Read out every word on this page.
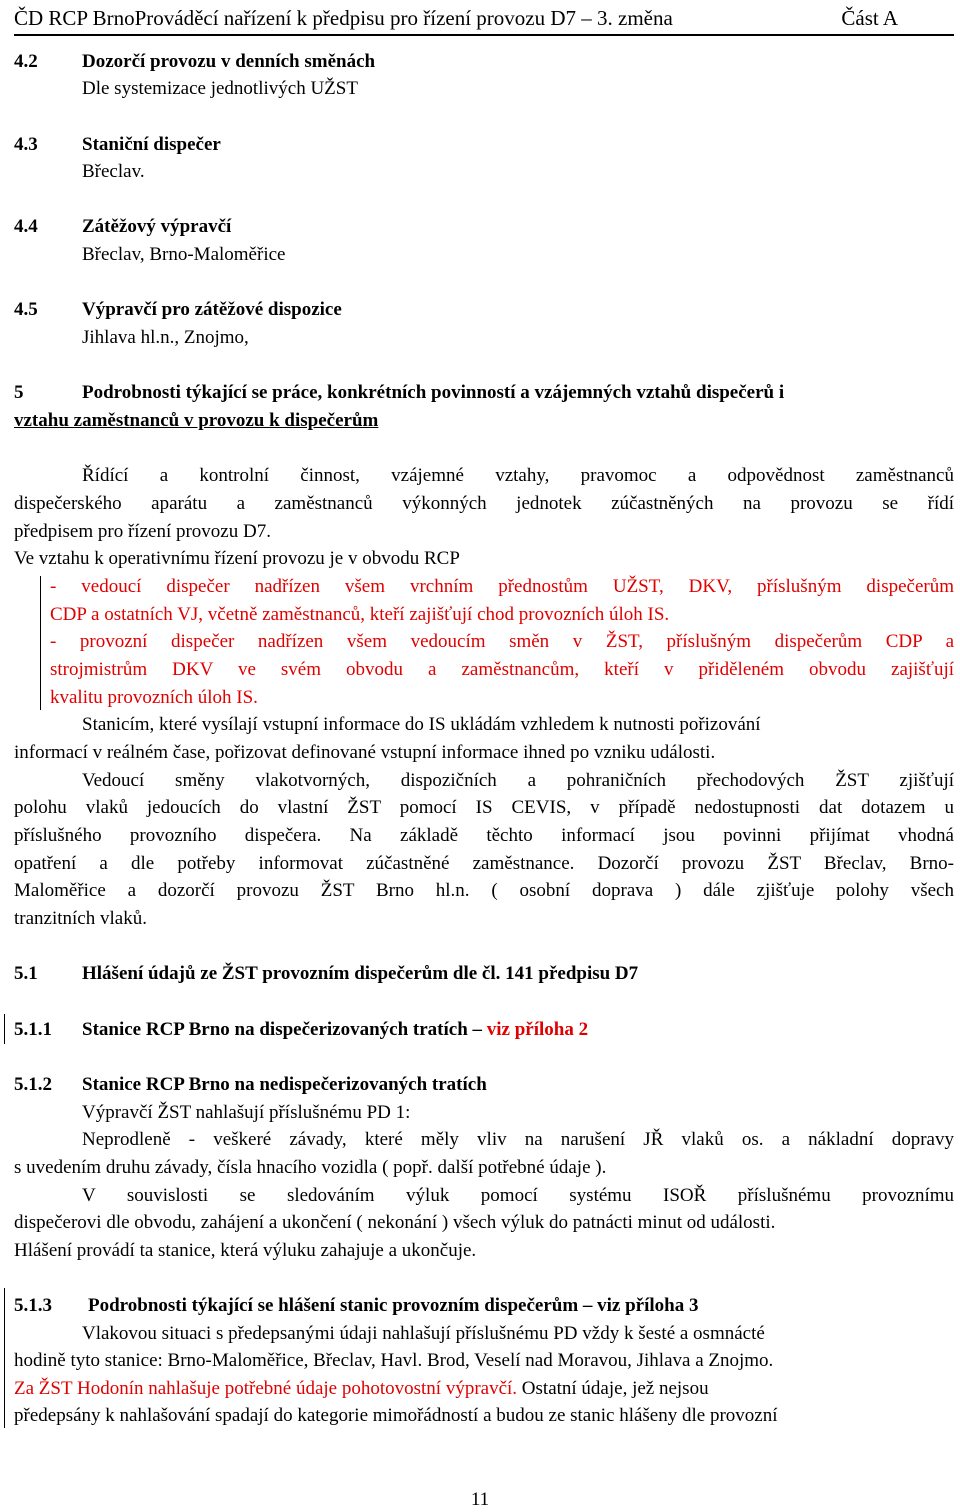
ČD RCP BrnoProváděcí nařízení k předpisu pro řízení provozu D7 – 3. změna	Část A
4.2 Dozorčí provozu v denních směnách
Dle systemizace jednotlivých UŽST
4.3 Staniční dispečer
Břeclav.
4.4 Zátěžový výpravčí
Břeclav, Brno-Maloměřice
4.5 Výpravčí pro zátěžové dispozice
Jihlava hl.n., Znojmo,
5	Podrobnosti týkající se práce, konkrétních povinností a vzájemných vztahů dispečerů i
vztahu zaměstnanců v provozu k dispečerům
Řídící a kontrolní činnost, vzájemné vztahy, pravomoc a odpovědnost zaměstnanců
dispečerského aparátu a zaměstnanců výkonných jednotek zúčastněných na provozu se řídí
předpisem pro řízení provozu D7.
Ve vztahu k operativnímu řízení provozu je v obvodu RCP
- vedoucí dispečer nadřízen všem vrchním přednostům UŽST, DKV, příslušným dispečerům
CDP a ostatních VJ, včetně zaměstnanců, kteří zajišťují chod provozních úloh IS.
- provozní dispečer nadřízen všem vedoucím směn v ŽST, příslušným dispečerům CDP a
strojmistrům DKV ve svém obvodu a zaměstnancům, kteří v přiděleném obvodu zajišťují
kvalitu provozních úloh IS.
Stanicím, které vysílají vstupní informace do IS ukládám vzhledem k nutnosti pořizování
informací v reálném čase, pořizovat definované vstupní informace ihned po vzniku události.
Vedoucí směny vlakotvorných, dispozičních a pohraničních přechodových ŽST zjišťují
polohu vlaků jedoucích do vlastní ŽST pomocí IS CEVIS, v případě nedostupnosti dat dotazem u
příslušného provozního dispečera. Na základě těchto informací jsou povinni přijímat vhodná
opatření a dle potřeby informovat zúčastněné zaměstnance. Dozorčí provozu ŽST Břeclav, Brno-
Maloměřice a dozorčí provozu ŽST Brno hl.n. ( osobní doprava ) dále zjišťuje polohy všech
tranzitních vlaků.
5.1 Hlášení údajů ze ŽST provozním dispečerům dle čl. 141 předpisu D7
5.1.1 Stanice RCP Brno na dispečerizovaných tratích – viz příloha 2
5.1.2 Stanice RCP Brno na nedispečerizovaných tratích
Výpravčí ŽST nahlašují příslušnému PD 1:
Neprodleně - veškeré závady, které měly vliv na narušení JŘ vlaků os. a nákladní dopravy
s uvedením druhu závady, čísla hnacího vozidla ( popř. další potřebné údaje ).
V souvislosti se sledováním výluk pomocí systému ISOŘ příslušnému provoznímu
dispečerovi dle obvodu, zahájení a ukončení ( nekonání ) všech výluk do patnácti minut od události.
Hlášení provádí ta stanice, která výluku zahajuje a ukončuje.
5.1.3 Podrobnosti týkající se hlášení stanic provozním dispečerům – viz příloha 3
Vlakovou situaci s předepsanými údaji nahlašují příslušnému PD vždy k šesté a osmnácté
hodině tyto stanice: Brno-Maloměřice, Břeclav, Havl. Brod, Veselí nad Moravou, Jihlava a Znojmo.
Za ŽST Hodonín nahlašuje potřebné údaje pohotovostní výpravčí. Ostatní údaje, jež nejsou
předepsány k nahlašování spadají do kategorie mimořádností a budou ze stanic hlášeny dle provozní
11
